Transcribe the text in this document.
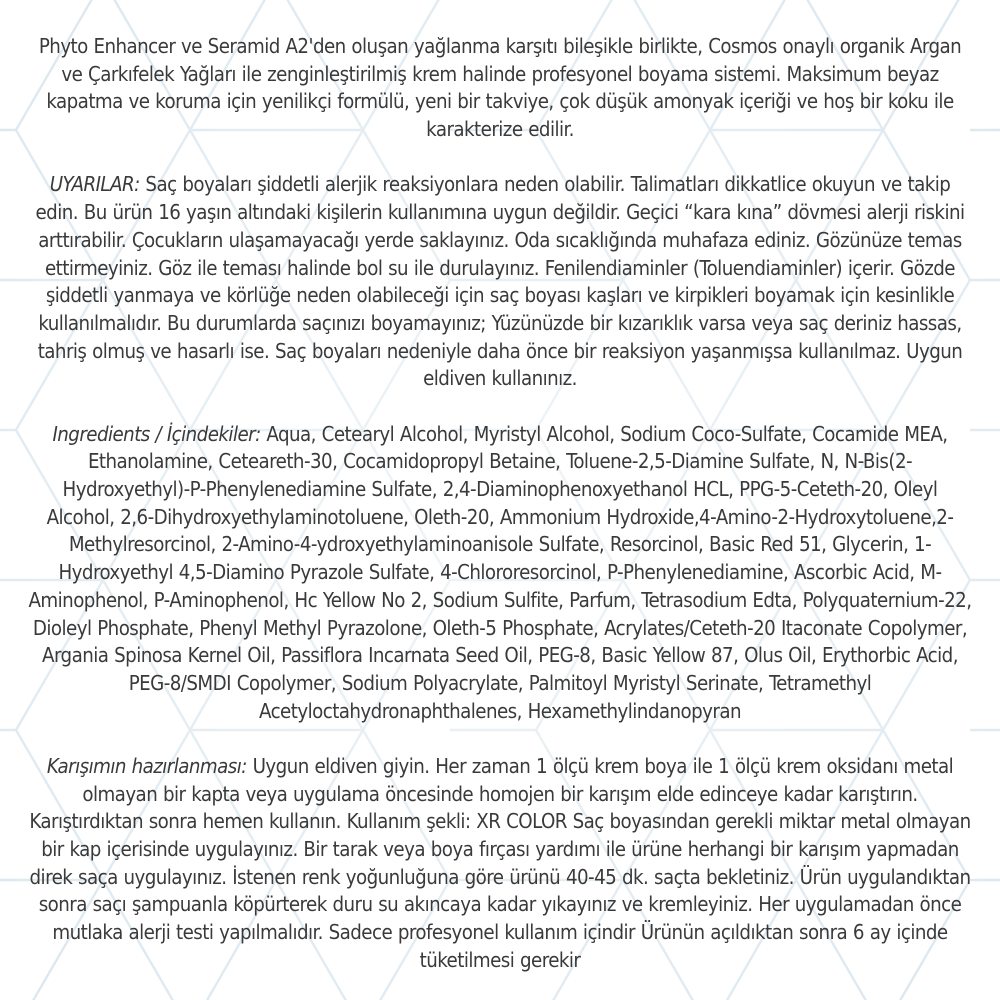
Phyto Enhancer ve Seramid A2'den oluşan yağlanma karşıtı bileşikle birlikte, Cosmos onaylı organik Argan ve Çarkıfelek Yağları ile zenginleştirilmiş krem halinde profesyonel boyama sistemi. Maksimum beyaz kapatma ve koruma için yenilikçi formülü, yeni bir takviye, çok düşük amonyak içeriği ve hoş bir koku ile karakterize edilir.

UYARILAR: Saç boyaları şiddetli alerjik reaksiyonlara neden olabilir. Talimatları dikkatlice okuyun ve takip edin. Bu ürün 16 yaşın altındaki kişilerin kullanımına uygun değildir. Geçici “kara kına” dövmesi alerji riskini arttırabilir. Çocukların ulaşamayacağı yerde saklayınız. Oda sıcaklığında muhafaza ediniz. Gözünüze temas ettirmeyiniz. Göz ile teması halinde bol su ile durulayınız. Fenilendiaminler (Toluendiaminler) içerir. Gözde şiddetli yanmaya ve körlüğe neden olabileceği için saç boyası kaşları ve kirpikleri boyamak için kesinlikle kullanılmalıdır. Bu durumlarda saçınızı boyamayınız; Yüzünüzde bir kızarıklık varsa veya saç deriniz hassas, tahriş olmuş ve hasarlı ise. Saç boyaları nedeniyle daha önce bir reaksiyon yaşanmışsa kullanılmaz. Uygun eldiven kullanınız.

Ingredients / İçindekiler: Aqua, Cetearyl Alcohol, Myristyl Alcohol, Sodium Coco-Sulfate, Cocamide MEA, Ethanolamine, Ceteareth-30, Cocamidopropyl Betaine, Toluene-2,5-Diamine Sulfate, N, N-Bis(2-Hydroxyethyl)-P-Phenylenediamine Sulfate, 2,4-Diaminophenoxyethanol HCL, PPG-5-Ceteth-20, Oleyl Alcohol, 2,6-Dihydroxyethylaminotoluene, Oleth-20, Ammonium Hydroxide,4-Amino-2-Hydroxytoluene,2-Methylresorcinol, 2-Amino-4-ydroxyethylaminoanisole Sulfate, Resorcinol, Basic Red 51, Glycerin, 1-Hydroxyethyl 4,5-Diamino Pyrazole Sulfate, 4-Chlororesorcinol, P-Phenylenediamine, Ascorbic Acid, M-Aminophenol, P-Aminophenol, Hc Yellow No 2, Sodium Sulfite, Parfum, Tetrasodium Edta, Polyquaternium-22, Dioleyl Phosphate, Phenyl Methyl Pyrazolone, Oleth-5 Phosphate, Acrylates/Ceteth-20 Itaconate Copolymer, Argania Spinosa Kernel Oil, Passiflora Incarnata Seed Oil, PEG-8, Basic Yellow 87, Olus Oil, Erythorbic Acid, PEG-8/SMDI Copolymer, Sodium Polyacrylate, Palmitoyl Myristyl Serinate, Tetramethyl Acetyloctahydronaphthalenes, Hexamethylindanopyran

Karışımın hazırlanması: Uygun eldiven giyin. Her zaman 1 ölçü krem boya ile 1 ölçü krem oksidanı metal olmayan bir kapta veya uygulama öncesinde homojen bir karışım elde edinceye kadar karıştırın. Karıştırdıktan sonra hemen kullanın. Kullanım şekli: XR COLOR Saç boyasından gerekli miktar metal olmayan bir kap içerisinde uygulayınız. Bir tarak veya boya fırçası yardımı ile ürüne herhangi bir karışım yapmadan direk saça uygulayınız. İstenen renk yoğunluğuna göre ürünü 40-45 dk. saçta bekletiniz. Ürün uygulandıktan sonra saçı şampuanla köpürterek duru su akıncaya kadar yıkayınız ve kremleyiniz. Her uygulamadan önce mutlaka alerji testi yapılmalıdır. Sadece profesyonel kullanım içindir Ürünün açıldıktan sonra 6 ay içinde tüketilmesi gerekir
